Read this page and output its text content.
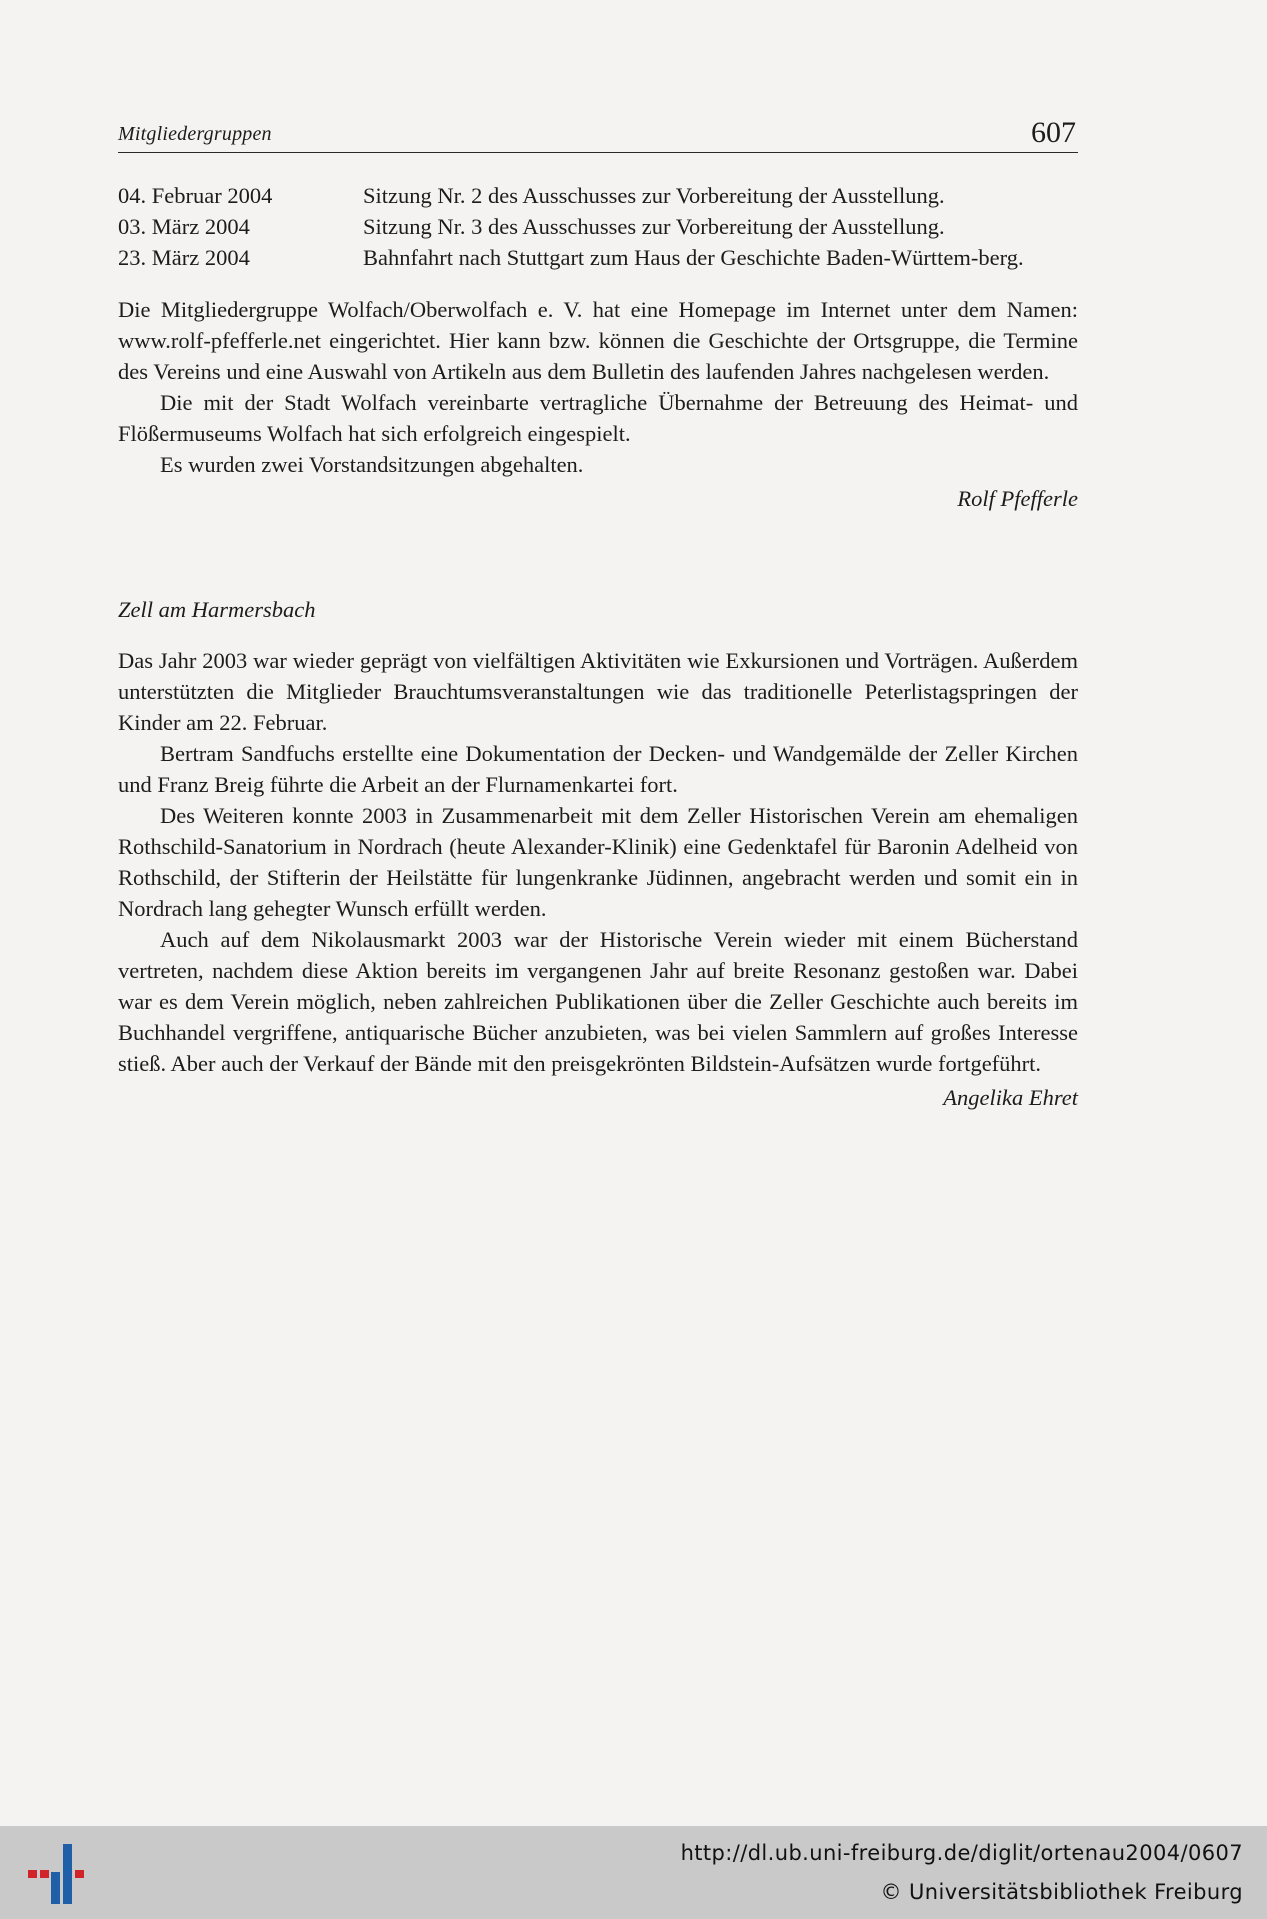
Mitgliedergruppen	607
04. Februar 2004	Sitzung Nr. 2 des Ausschusses zur Vorbereitung der Ausstellung.
03. März 2004	Sitzung Nr. 3 des Ausschusses zur Vorbereitung der Ausstellung.
23. März 2004	Bahnfahrt nach Stuttgart zum Haus der Geschichte Baden-Württem-berg.

Die Mitgliedergruppe Wolfach/Oberwolfach e. V. hat eine Homepage im Internet unter dem Namen: www.rolf-pfefferle.net eingerichtet. Hier kann bzw. können die Geschichte der Ortsgruppe, die Termine des Vereins und eine Auswahl von Artikeln aus dem Bulletin des laufenden Jahres nachgelesen werden.

Die mit der Stadt Wolfach vereinbarte vertragliche Übernahme der Betreuung des Heimat- und Flößermuseums Wolfach hat sich erfolgreich eingespielt.

Es wurden zwei Vorstandsitzungen abgehalten.

Rolf Pfefferle
Zell am Harmersbach

Das Jahr 2003 war wieder geprägt von vielfältigen Aktivitäten wie Exkursionen und Vorträgen. Außerdem unterstützten die Mitglieder Brauchtumsveranstaltungen wie das traditionelle Peterlistagspringen der Kinder am 22. Februar.

Bertram Sandfuchs erstellte eine Dokumentation der Decken- und Wandgemälde der Zeller Kirchen und Franz Breig führte die Arbeit an der Flurnamenkartei fort.

Des Weiteren konnte 2003 in Zusammenarbeit mit dem Zeller Historischen Verein am ehemaligen Rothschild-Sanatorium in Nordrach (heute Alexander-Klinik) eine Gedenktafel für Baronin Adelheid von Rothschild, der Stifterin der Heilstätte für lungenkranke Jüdinnen, angebracht werden und somit ein in Nordrach lang gehegter Wunsch erfüllt werden.

Auch auf dem Nikolausmarkt 2003 war der Historische Verein wieder mit einem Bücherstand vertreten, nachdem diese Aktion bereits im vergangenen Jahr auf breite Resonanz gestoßen war. Dabei war es dem Verein möglich, neben zahlreichen Publikationen über die Zeller Geschichte auch bereits im Buchhandel vergriffene, antiquarische Bücher anzubieten, was bei vielen Sammlern auf großes Interesse stieß. Aber auch der Verkauf der Bände mit den preisgekrönten Bildstein-Aufsätzen wurde fortgeführt.

Angelika Ehret
http://dl.ub.uni-freiburg.de/diglit/ortenau2004/0607
© Universitätsbibliothek Freiburg
